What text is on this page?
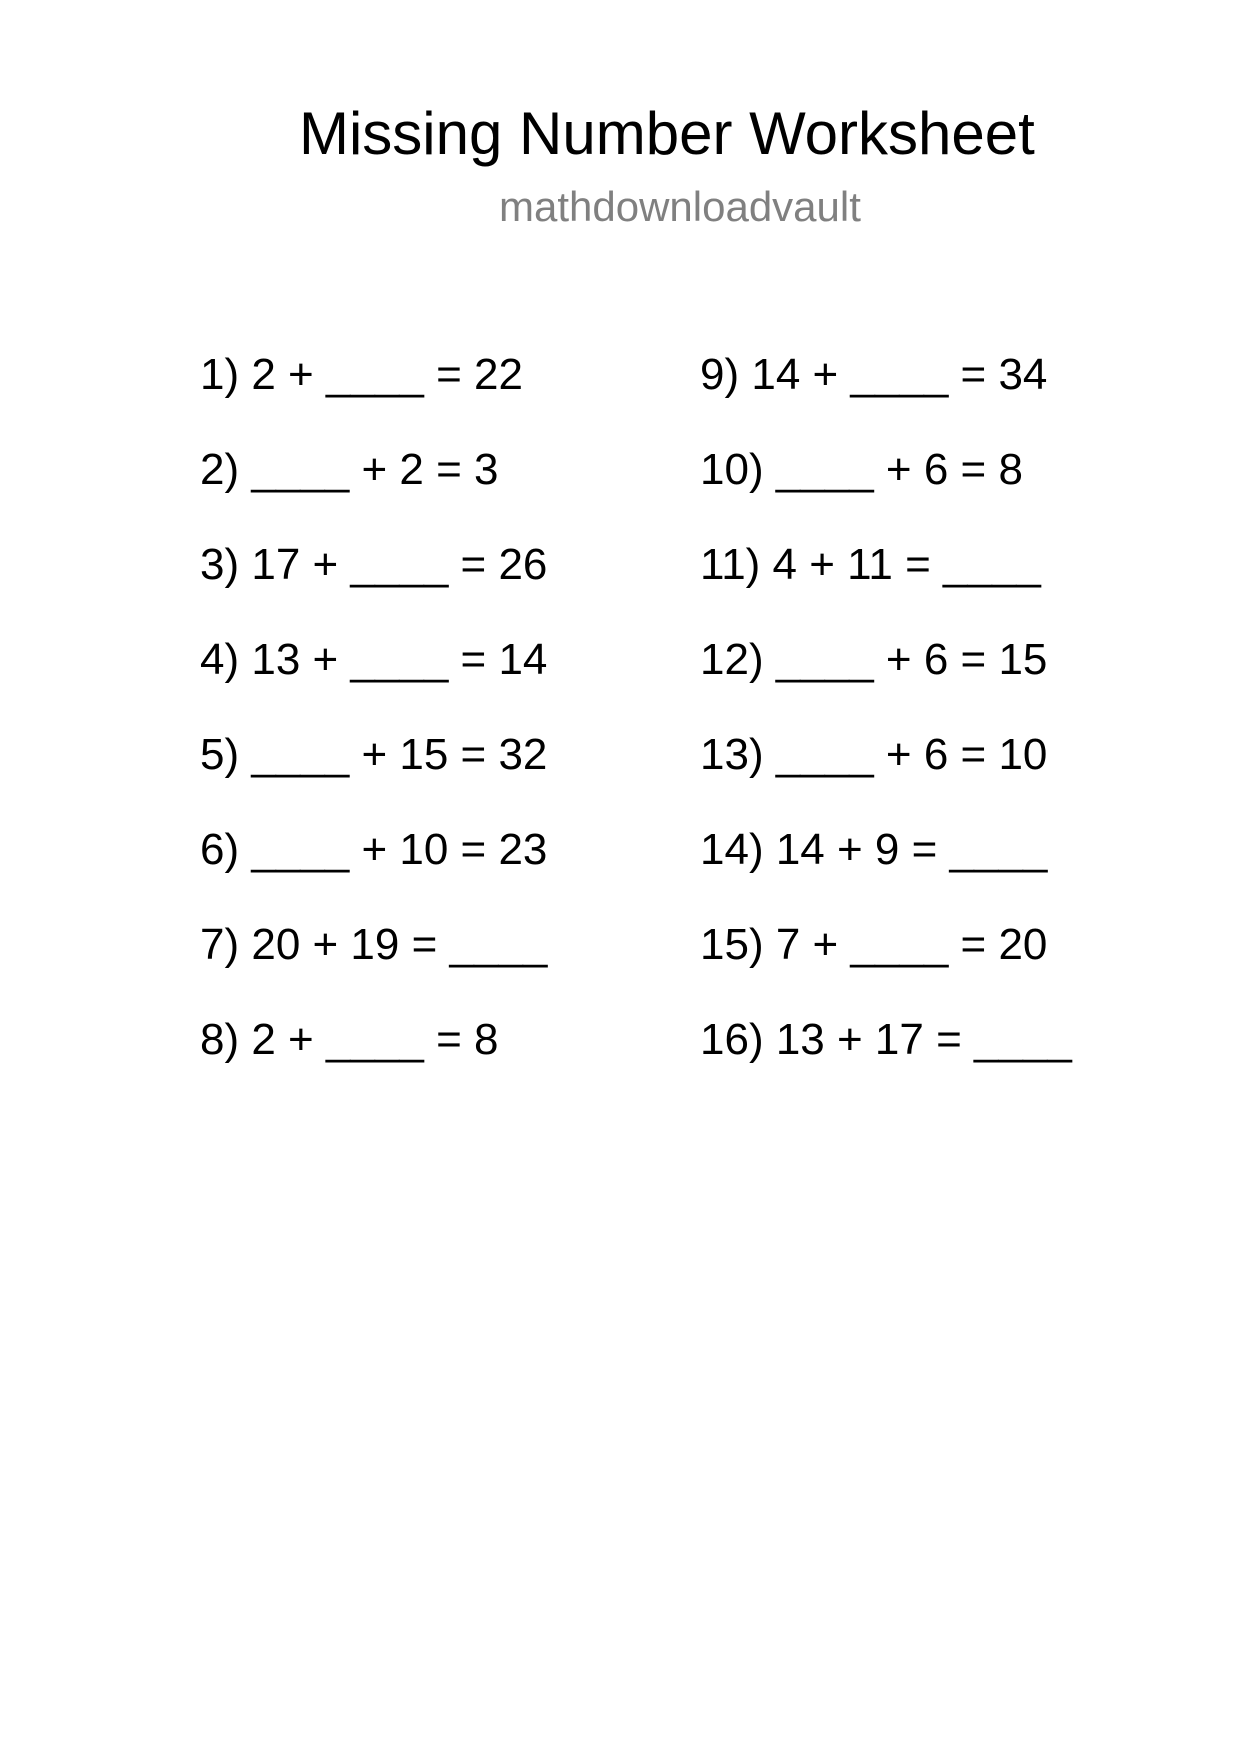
Missing Number Worksheet
mathdownloadvault
1) 2 + ____ = 22
2) ____ + 2 = 3
3) 17 + ____ = 26
4) 13 + ____ = 14
5) ____ + 15 = 32
6) ____ + 10 = 23
7) 20 + 19 = ____
8) 2 + ____ = 8
9) 14 + ____ = 34
10) ____ + 6 = 8
11) 4 + 11 = ____
12) ____ + 6 = 15
13) ____ + 6 = 10
14) 14 + 9 = ____
15) 7 + ____ = 20
16) 13 + 17 = ____
